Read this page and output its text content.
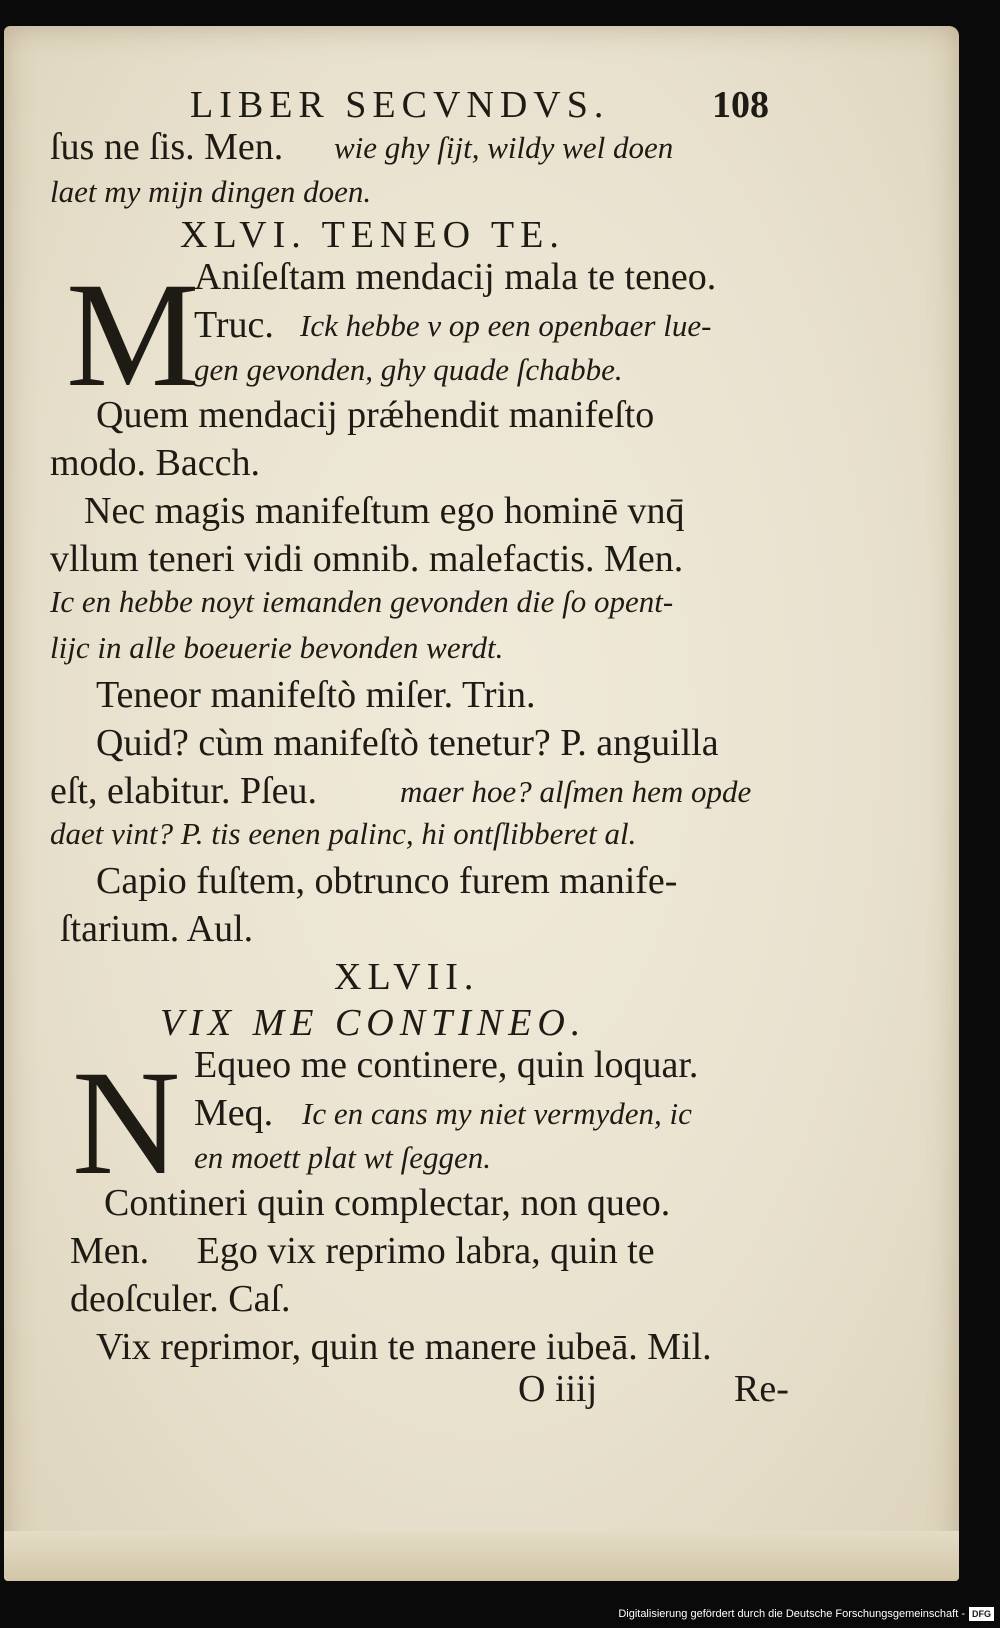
LIBER SECVNDVS.	108
ſus ne ſis. Men. wie ghy ſijt, wildy wel doen
laet my mijn dingen doen.
XLVI. TENEO TE.
M
Aniſeſtam mendacij mala te teneo.
Truc. Ick hebbe v op een openbaer lue-
gen gevonden, ghy quade ſchabbe.
Quem mendacij prǽhendit manifeſto
modo. Bacch.
Nec magis manifeſtum ego hominē vnq̄
vllum teneri vidi omnib. malefactis. Men.
Ic en hebbe noyt iemanden gevonden die ſo opent-
lijc in alle boeuerie bevonden werdt.
Teneor manifeſtò miſer. Trin.
Quid? cùm manifeſtò tenetur? P. anguilla
eſt, elabitur. Pſeu.	maer hoe? alſmen hem opde
daet vint? P. tis eenen palinc, hi ontſlibberet al.
Capio fuſtem, obtrunco furem manife-
ſtarium. Aul.
XLVII.
VIX ME CONTINEO.
N Equeo me continere, quin loquar.
Meq. Ic en cans my niet vermyden, ic
en moett plat wt ſeggen.
Contineri quin complectar, non queo.
Men.     Ego vix reprimo labra, quin te
deoſculer. Caſ.
Vix reprimor, quin te manere iubeā. Mil.
O iiij	Re-
Digitalisierung gefördert durch die Deutsche Forschungsgemeinschaft - DFG
